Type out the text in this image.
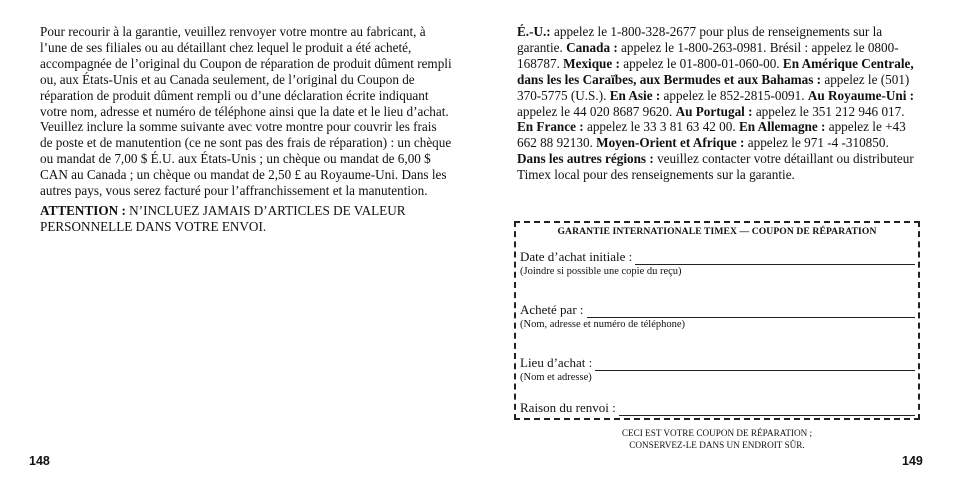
Pour recourir à la garantie, veuillez renvoyer votre montre au fabricant, à l’une de ses filiales ou au détaillant chez lequel le produit a été acheté, accompagnée de l’original du Coupon de réparation de produit dûment rempli ou, aux États-Unis et au Canada seulement, de l’original du Coupon de réparation de produit dûment rempli ou d’une déclaration écrite indiquant votre nom, adresse et numéro de téléphone ainsi que la date et le lieu d’achat. Veuillez inclure la somme suivante avec votre montre pour couvrir les frais de poste et de manutention (ce ne sont pas des frais de réparation) : un chèque ou mandat de 7,00 $ É.U. aux États-Unis ; un chèque ou mandat de 6,00 $ CAN au Canada ; un chèque ou mandat de 2,50 £ au Royaume-Uni. Dans les autres pays, vous serez facturé pour l’affranchissement et la manutention.

ATTENTION : N’INCLUEZ JAMAIS D’ARTICLES DE VALEUR PERSONNELLE DANS VOTRE ENVOI.

148

É.-U.: appelez le 1-800-328-2677 pour plus de renseignements sur la garantie. Canada : appelez le 1-800-263-0981. Brésil : appelez le 0800-168787. Mexique : appelez le 01-800-01-060-00. En Amérique Centrale, dans les les Caraïbes, aux Bermudes et aux Bahamas : appelez le (501) 370-5775 (U.S.). En Asie : appelez le 852-2815-0091. Au Royaume-Uni : appelez le 44 020 8687 9620. Au Portugal : appelez le 351 212 946 017. En France : appelez le 33 3 81 63 42 00. En Allemagne : appelez le +43 662 88 92130. Moyen-Orient et Afrique : appelez le 971 -4 -310850. Dans les autres régions : veuillez contacter votre détaillant ou distributeur Timex local pour des renseignements sur la garantie.

GARANTIE INTERNATIONALE TIMEX — COUPON DE RÉPARATION
Date d’achat initiale :
(Joindre si possible une copie du reçu)
Acheté par :
(Nom, adresse et numéro de téléphone)
Lieu d’achat :
(Nom et adresse)
Raison du renvoi :
CECI EST VOTRE COUPON DE RÉPARATION ;
CONSERVEZ-LE DANS UN ENDROIT SÛR.
149
